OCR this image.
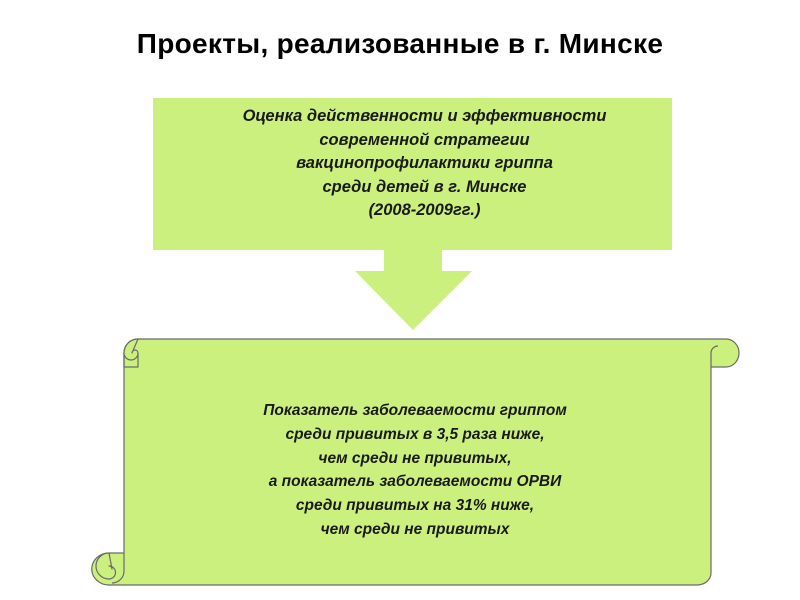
Проекты, реализованные в г. Минске
Оценка действенности и эффективности
современной стратегии
вакцинопрофилактики гриппа
среди детей в г. Минске
(2008-2009гг.)
Показатель заболеваемости гриппом
среди привитых в 3,5 раза ниже,
чем среди не привитых,
а показатель заболеваемости ОРВИ
среди привитых на 31% ниже,
чем среди не привитых
